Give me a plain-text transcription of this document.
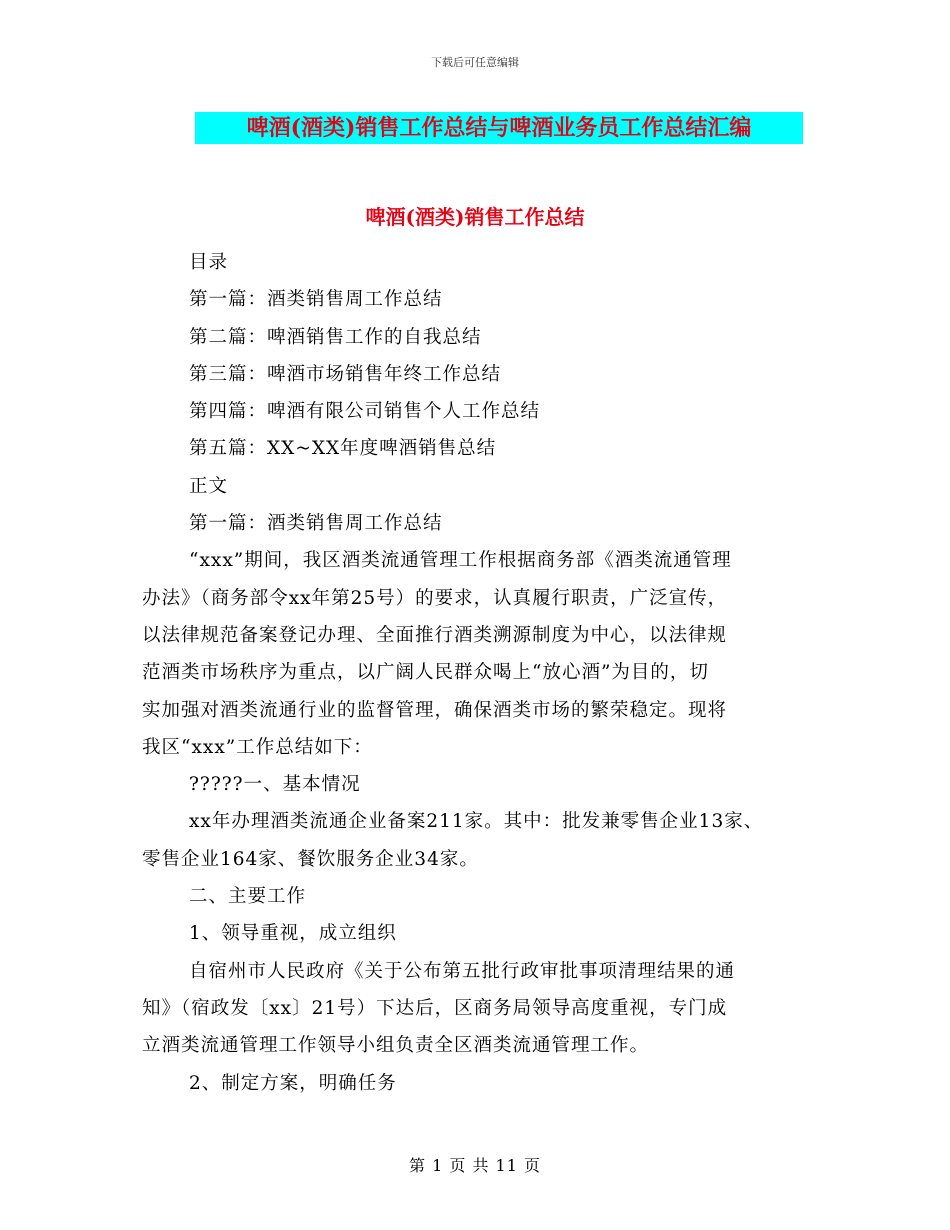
下载后可任意编辑
啤酒(酒类)销售工作总结与啤酒业务员工作总结汇编
啤酒(酒类)销售工作总结
目录
第一篇：酒类销售周工作总结
第二篇：啤酒销售工作的自我总结
第三篇：啤酒市场销售年终工作总结
第四篇：啤酒有限公司销售个人工作总结
第五篇：XX~XX年度啤酒销售总结
正文
第一篇：酒类销售周工作总结
“xxx”期间，我区酒类流通管理工作根据商务部《酒类流通管理
办法》（商务部令xx年第25号）的要求，认真履行职责，广泛宣传，
以法律规范备案登记办理、全面推行酒类溯源制度为中心，以法律规
范酒类市场秩序为重点，以广阔人民群众喝上“放心酒”为目的，切
实加强对酒类流通行业的监督管理，确保酒类市场的繁荣稳定。现将
我区“xxx”工作总结如下：
?????一、基本情况
xx年办理酒类流通企业备案211家。其中：批发兼零售企业13家、
零售企业164家、餐饮服务企业34家。
二、主要工作
1、领导重视，成立组织
自宿州市人民政府《关于公布第五批行政审批事项清理结果的通
知》（宿政发〔xx〕21号）下达后，区商务局领导高度重视，专门成
立酒类流通管理工作领导小组负责全区酒类流通管理工作。
2、制定方案，明确任务
第 1 页 共 11 页
